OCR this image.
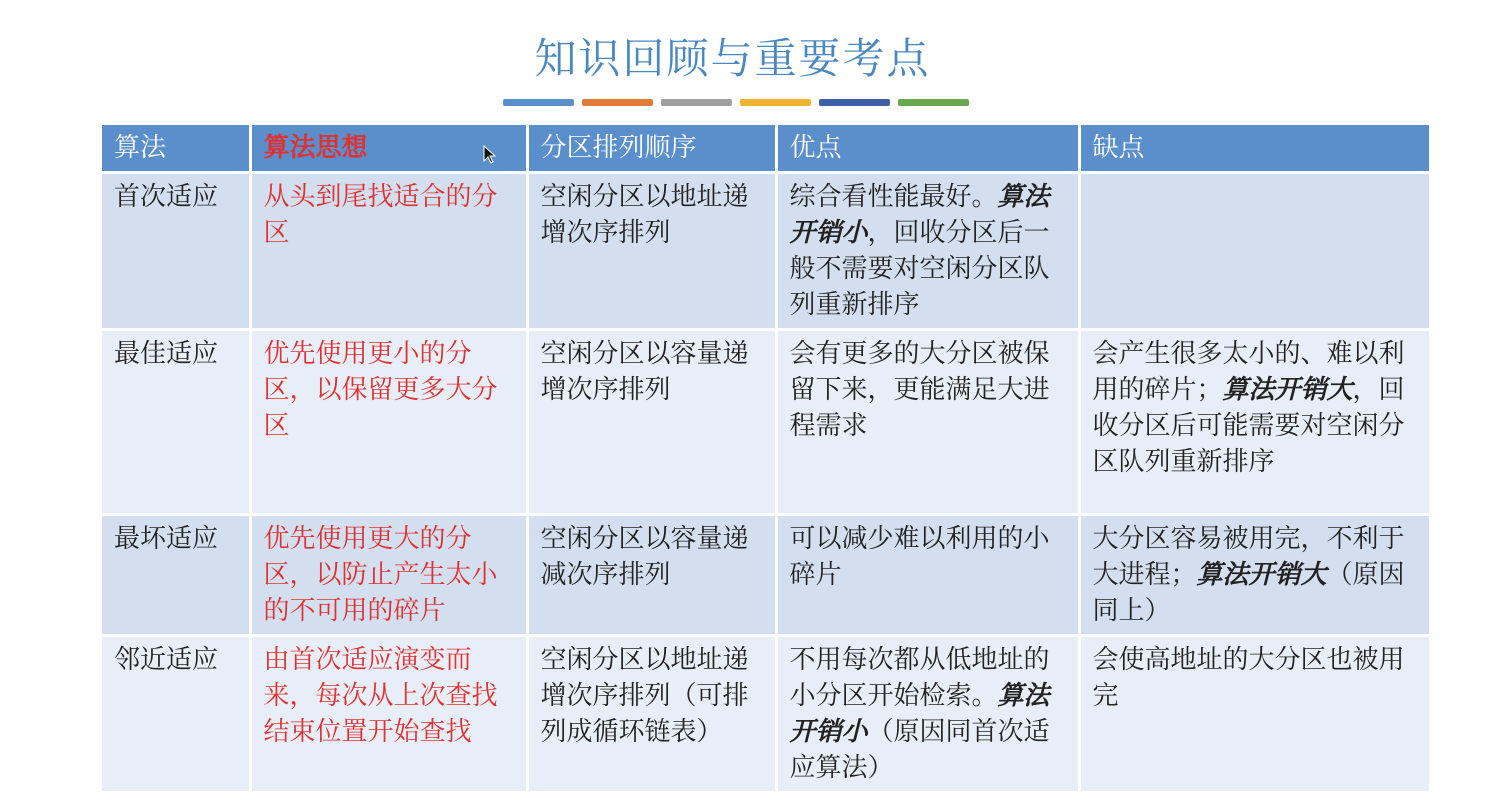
知识回顾与重要考点
算法	算法思想	分区排列顺序	优点	缺点
首次适应	从头到尾找适合的分区	空闲分区以地址递增次序排列	综合看性能最好。算法开销小，回收分区后一般不需要对空闲分区队列重新排序	
最佳适应	优先使用更小的分区，以保留更多大分区	空闲分区以容量递增次序排列	会有更多的大分区被保留下来，更能满足大进程需求	会产生很多太小的、难以利用的碎片；算法开销大，回收分区后可能需要对空闲分区队列重新排序
最坏适应	优先使用更大的分区，以防止产生太小的不可用的碎片	空闲分区以容量递减次序排列	可以减少难以利用的小碎片	大分区容易被用完，不利于大进程；算法开销大（原因同上）
邻近适应	由首次适应演变而来，每次从上次查找结束位置开始查找	空闲分区以地址递增次序排列（可排列成循环链表）	不用每次都从低地址的小分区开始检索。算法开销小（原因同首次适应算法）	会使高地址的大分区也被用完
